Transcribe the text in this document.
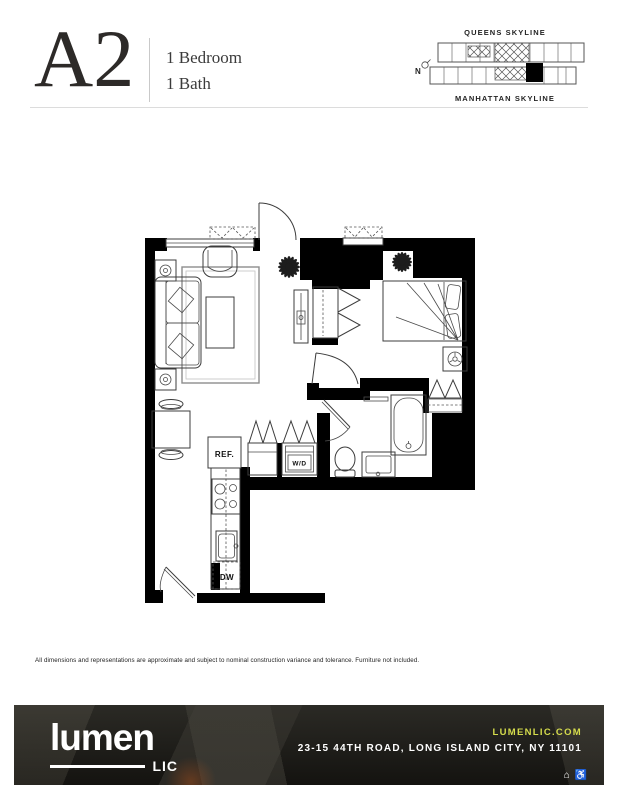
A2 1 Bedroom
1 Bath
QUEENS SKYLINE
N
MANHATTAN SKYLINE
REF.
DW
W/D
All dimensions and representations are approximate and subject to nominal construction variance and tolerance. Furniture not included.
lumen
LIC
LUMENLIC.COM
23-15 44TH ROAD, LONG ISLAND CITY, NY 11101
⌂ ♿
